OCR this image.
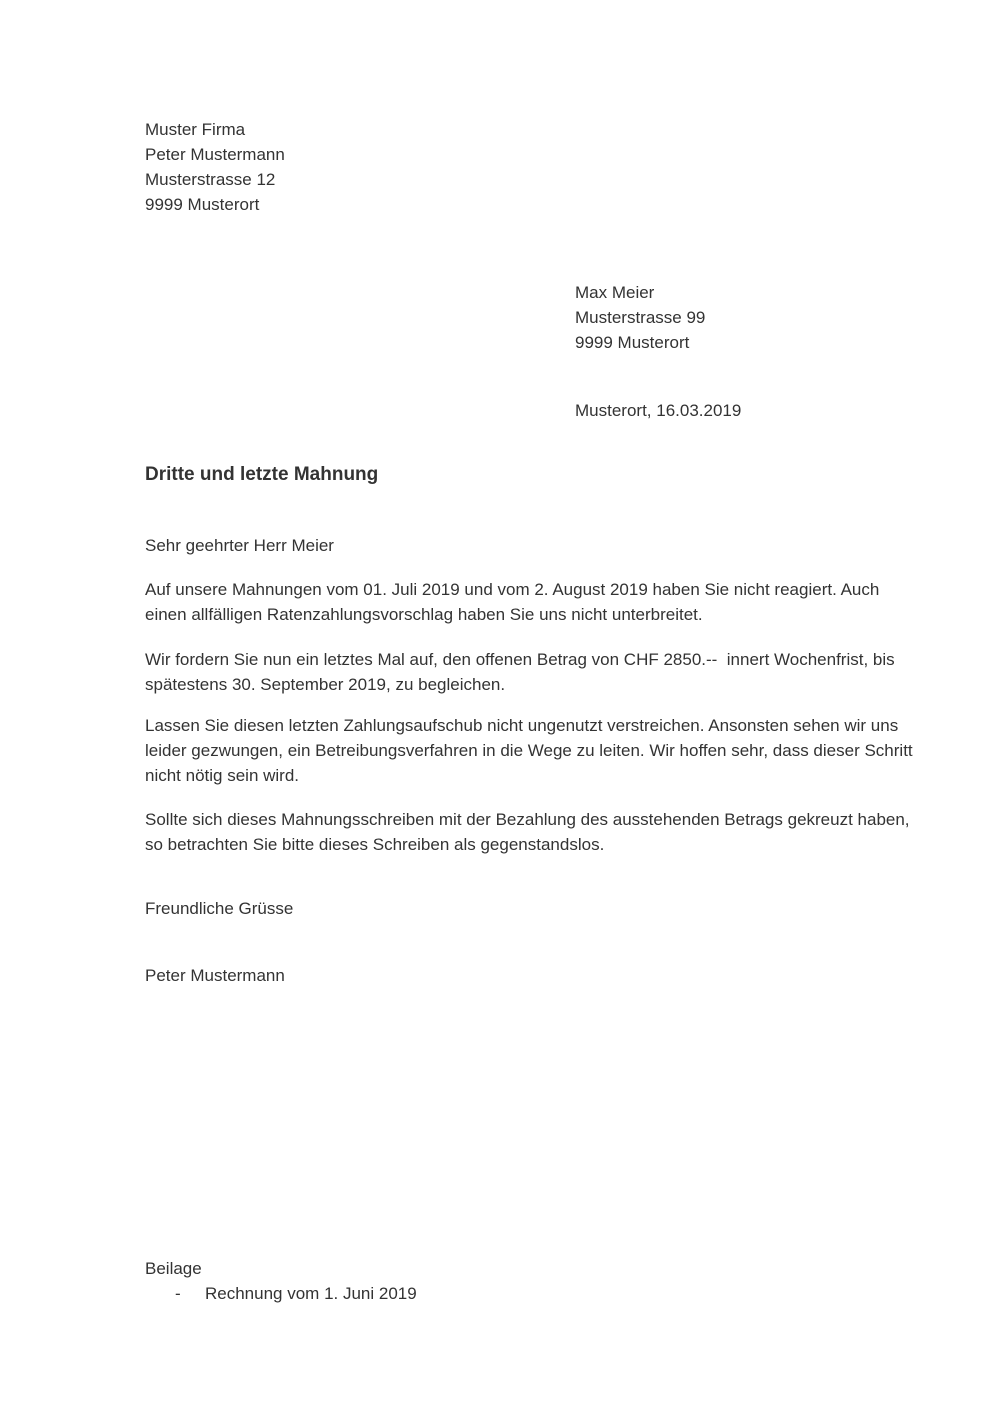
Muster Firma
Peter Mustermann
Musterstrasse 12
9999 Musterort
Max Meier
Musterstrasse 99
9999 Musterort
Musterort, 16.03.2019
Dritte und letzte Mahnung
Sehr geehrter Herr Meier

Auf unsere Mahnungen vom 01. Juli 2019 und vom 2. August 2019 haben Sie nicht reagiert. Auch einen allfälligen Ratenzahlungsvorschlag haben Sie uns nicht unterbreitet.

Wir fordern Sie nun ein letztes Mal auf, den offenen Betrag von CHF 2850.--  innert Wochenfrist, bis spätestens 30. September 2019, zu begleichen.

Lassen Sie diesen letzten Zahlungsaufschub nicht ungenutzt verstreichen. Ansonsten sehen wir uns leider gezwungen, ein Betreibungsverfahren in die Wege zu leiten. Wir hoffen sehr, dass dieser Schritt nicht nötig sein wird.

Sollte sich dieses Mahnungsschreiben mit der Bezahlung des ausstehenden Betrags gekreuzt haben, so betrachten Sie bitte dieses Schreiben als gegenstandslos.

Freundliche Grüsse
Peter Mustermann
Beilage
-	Rechnung vom 1. Juni 2019
